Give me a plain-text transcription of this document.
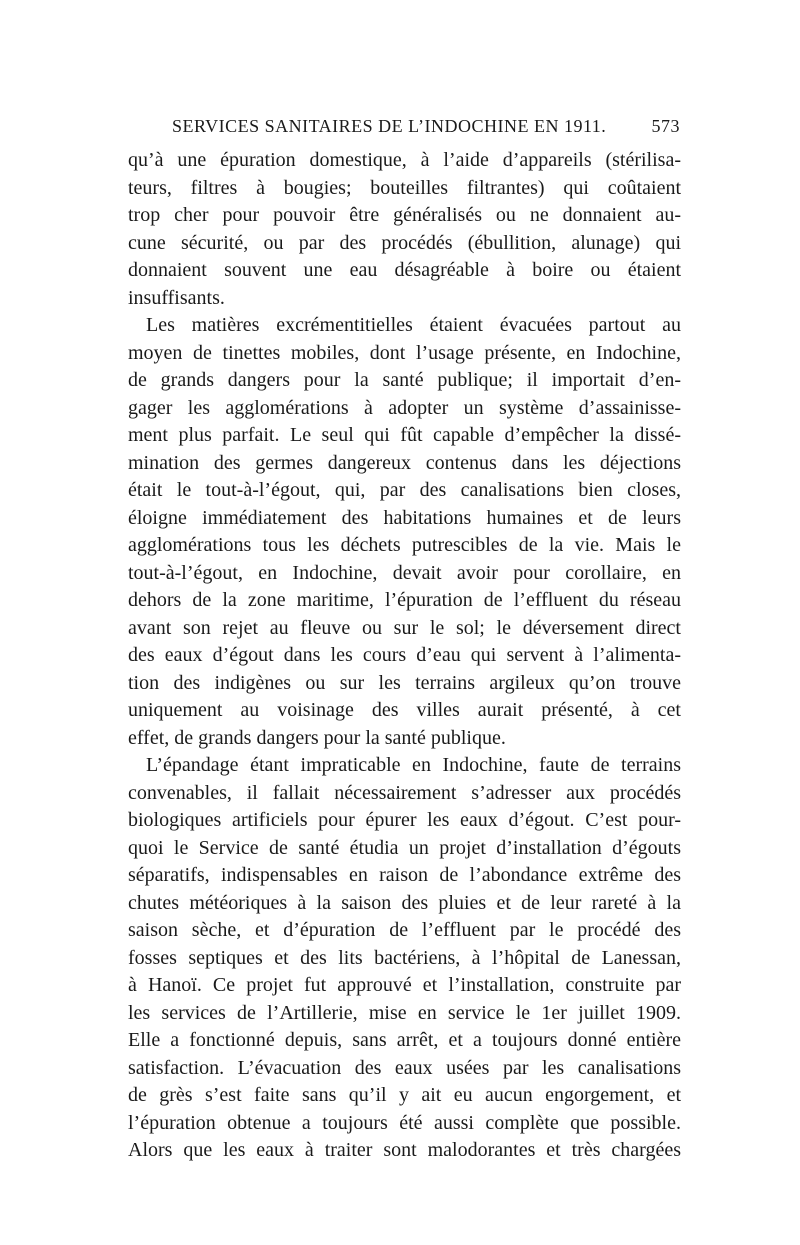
SERVICES SANITAIRES DE L’INDOCHINE EN 1911.	573
qu’à une épuration domestique, à l’aide d’appareils (stérilisa-
teurs, filtres à bougies; bouteilles filtrantes) qui coûtaient
trop cher pour pouvoir être généralisés ou ne donnaient au-
cune sécurité, ou par des procédés (ébullition, alunage) qui
donnaient souvent une eau désagréable à boire ou étaient
insuffisants.
Les matières excrémentitielles étaient évacuées partout au
moyen de tinettes mobiles, dont l’usage présente, en Indochine,
de grands dangers pour la santé publique; il importait d’en-
gager les agglomérations à adopter un système d’assainisse-
ment plus parfait. Le seul qui fût capable d’empêcher la dissé-
mination des germes dangereux contenus dans les déjections
était le tout-à-l’égout, qui, par des canalisations bien closes,
éloigne immédiatement des habitations humaines et de leurs
agglomérations tous les déchets putrescibles de la vie. Mais le
tout-à-l’égout, en Indochine, devait avoir pour corollaire, en
dehors de la zone maritime, l’épuration de l’effluent du réseau
avant son rejet au fleuve ou sur le sol; le déversement direct
des eaux d’égout dans les cours d’eau qui servent à l’alimenta-
tion des indigènes ou sur les terrains argileux qu’on trouve
uniquement au voisinage des villes aurait présenté, à cet
effet, de grands dangers pour la santé publique.
L’épandage étant impraticable en Indochine, faute de terrains
convenables, il fallait nécessairement s’adresser aux procédés
biologiques artificiels pour épurer les eaux d’égout. C’est pour-
quoi le Service de santé étudia un projet d’installation d’égouts
séparatifs, indispensables en raison de l’abondance extrême des
chutes météoriques à la saison des pluies et de leur rareté à la
saison sèche, et d’épuration de l’effluent par le procédé des
fosses septiques et des lits bactériens, à l’hôpital de Lanessan,
à Hanoï. Ce projet fut approuvé et l’installation, construite par
les services de l’Artillerie, mise en service le 1er juillet 1909.
Elle a fonctionné depuis, sans arrêt, et a toujours donné entière
satisfaction. L’évacuation des eaux usées par les canalisations
de grès s’est faite sans qu’il y ait eu aucun engorgement, et
l’épuration obtenue a toujours été aussi complète que possible.
Alors que les eaux à traiter sont malodorantes et très chargées
